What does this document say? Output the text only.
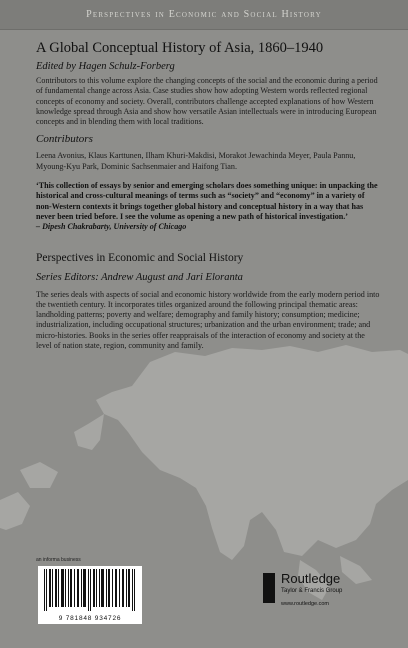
Perspectives in Economic and Social History
A Global Conceptual History of Asia, 1860–1940
Edited by Hagen Schulz-Forberg

Contributors to this volume explore the changing concepts of the social and the economic during a period of fundamental change across Asia. Case studies show how adopting Western words reflected regional concepts of economy and society. Overall, contributors challenge accepted explanations of how Western knowledge spread through Asia and show how versatile Asian intellectuals were in introducing European concepts and in blending them with local traditions.

Contributors

Leena Avonius, Klaus Karttunen, Ilham Khuri-Makdisi, Morakot Jewachinda Meyer, Paula Pannu, Myoung-Kyu Park, Dominic Sachsenmaier and Haifong Tian.

‘This collection of essays by senior and emerging scholars does something unique: in unpacking the historical and cross-cultural meanings of terms such as “society” and “economy” in a variety of non-Western contexts it brings together global history and conceptual history in a way that has never been tried before. I see the volume as opening a new path of historical investigation.’

– Dipesh Chakrabarty, University of Chicago

Perspectives in Economic and Social History
Series Editors: Andrew August and Jari Eloranta

The series deals with aspects of social and economic history worldwide from the early modern period into the twentieth century. It incorporates titles organized around the following principal thematic areas: landholding patterns; poverty and welfare; demography and family history; consumption; medicine; industrialization, including occupational structures; urbanization and the urban environment; trade; and micro-histories. Books in the series offer reappraisals of the interaction of economy and society at the level of nation state, region, community and family.

an informa business
9 781848 934726
Routledge
Taylor & Francis Group
www.routledge.com
